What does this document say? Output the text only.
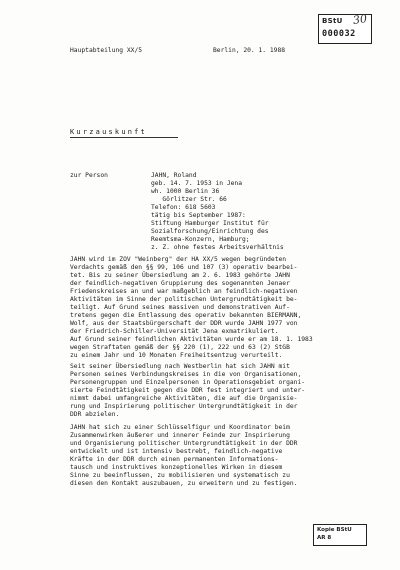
BStU
000032
30

Hauptabteilung XX/5	Berlin, 20. 1. 1988

Kurzauskunft

zur Person	JAHN, Roland
geb. 14. 7. 1953 in Jena
wh. 1000 Berlin 36
Görlitzer Str. 66
Telefon: 618 5603
tätig bis September 1987:
Stiftung Hamburger Institut für
Sozialforschung/Einrichtung des
Reemtsma-Konzern, Hamburg;
z. Z. ohne festes Arbeitsverhältnis
JAHN wird im ZOV "Weinberg" der HA XX/5 wegen begründeten
Verdachts gemäß den §§ 99, 106 und 107 (3) operativ bearbei-
tet. Bis zu seiner Übersiedlung am 2. 6. 1983 gehörte JAHN
der feindlich-negativen Gruppierung des sogenannten Jenaer
Friedenskreises an und war maßgeblich an feindlich-negativen
Aktivitäten im Sinne der politischen Untergrundtätigkeit be-
teiligt. Auf Grund seines massiven und demonstrativen Auf-
tretens gegen die Entlassung des operativ bekannten BIERMANN,
Wolf, aus der Staatsbürgerschaft der DDR wurde JAHN 1977 von
der Friedrich-Schiller-Universität Jena exmatrikuliert.
Auf Grund seiner feindlichen Aktivitäten wurde er am 18. 1. 1983
wegen Straftaten gemäß der §§ 220 (1), 222 und 63 (2) StGB
zu einem Jahr und 10 Monaten Freiheitsentzug verurteilt.
Seit seiner Übersiedlung nach Westberlin hat sich JAHN mit
Personen seines Verbindungskreises in die von Organisationen,
Personengruppen und Einzelpersonen in Operationsgebiet organi-
sierte Feindtätigkeit gegen die DDR fest integriert und unter-
nimmt dabei umfangreiche Aktivitäten, die auf die Organisie-
rung und Inspirierung politischer Untergrundtätigkeit in der
DDR abzielen.
JAHN hat sich zu einer Schlüsselfigur und Koordinator beim
Zusammenwirken äußerer und innerer Feinde zur Inspirierung
und Organisierung politischer Untergrundtätigkeit in der DDR
entwickelt und ist intensiv bestrebt, feindlich-negative
Kräfte in der DDR durch einen permanenten Informations-
tausch und instruktives konzeptionelles Wirken in diesem
Sinne zu beeinflussen, zu mobilisieren und systematisch zu
diesen den Kontakt auszubauen, zu erweitern und zu festigen.
Kopie BStU
AR 8
